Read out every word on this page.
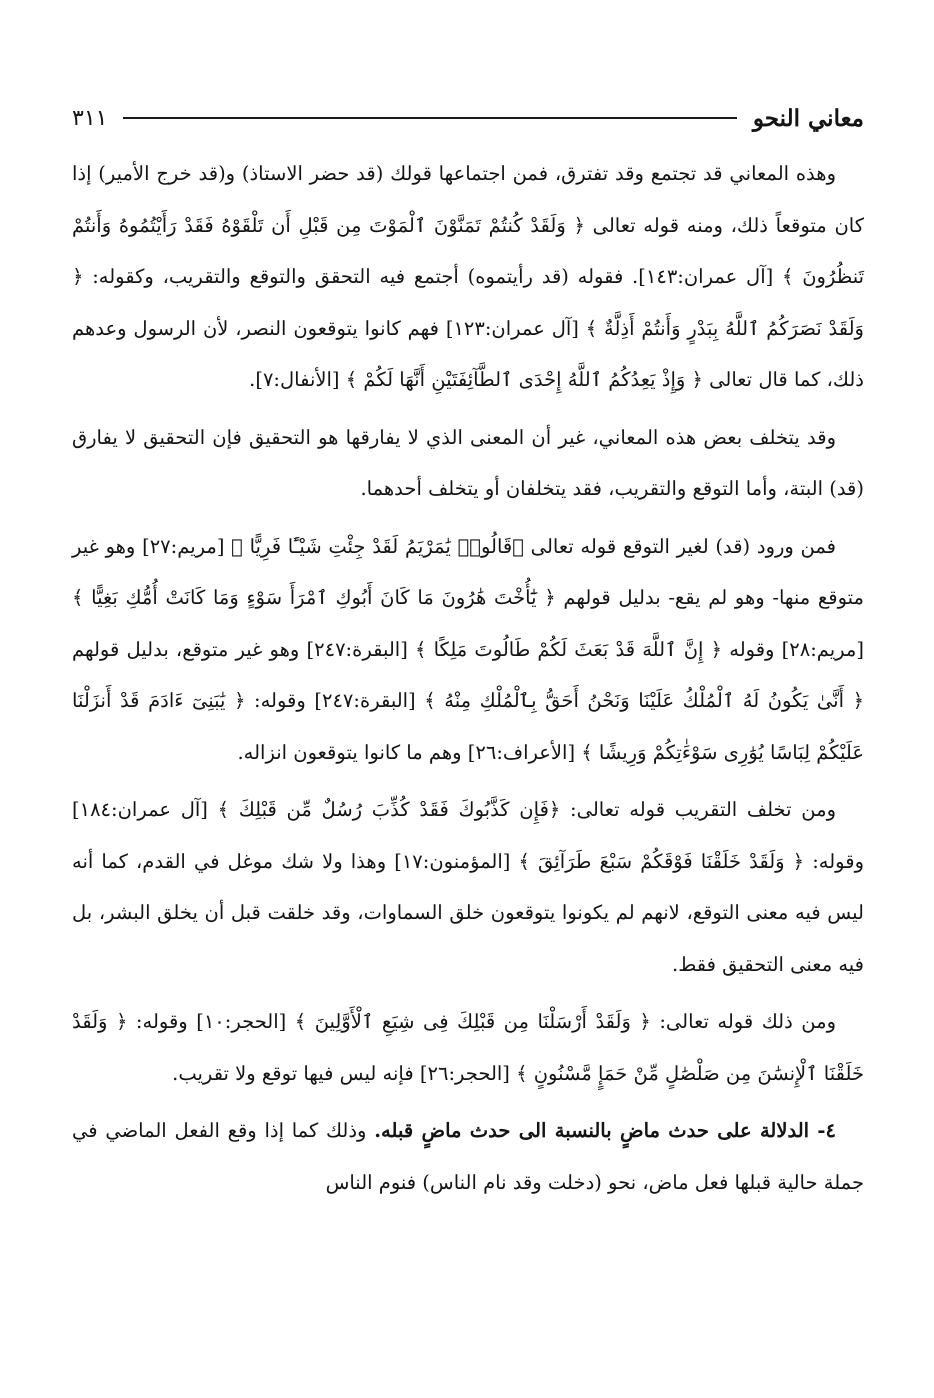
معاني النحو
٣١١

وهذه المعاني قد تجتمع وقد تفترق، فمن اجتماعها قولك (قد حضر الاستاذ) و(قد خرج الأمير) إذا كان متوقعاً ذلك، ومنه قوله تعالى ﴿ وَلَقَدْ كُنتُمْ تَمَنَّوْنَ ٱلْمَوْتَ مِن قَبْلِ أَن تَلْقَوْهُ فَقَدْ رَأَيْتُمُوهُ وَأَنتُمْ تَنظُرُونَ ﴾ [آل عمران:١٤٣]. فقوله (قد رأيتموه) أجتمع فيه التحقق والتوقع والتقريب، وكقوله: ﴿ وَلَقَدْ نَصَرَكُمُ ٱللَّهُ بِبَدْرٍ وَأَنتُمْ أَذِلَّةٌ ﴾ [آل عمران:١٢٣] فهم كانوا يتوقعون النصر، لأن الرسول وعدهم ذلك، كما قال تعالى ﴿ وَإِذْ يَعِدُكُمُ ٱللَّهُ إِحْدَى ٱلطَّآئِفَتَيْنِ أَنَّهَا لَكُمْ ﴾ [الأنفال:٧].

وقد يتخلف بعض هذه المعاني، غير أن المعنى الذي لا يفارقها هو التحقيق فإن التحقيق لا يفارق (قد) البتة، وأما التوقع والتقريب، فقد يتخلفان أو يتخلف أحدهما.

فمن ورود (قد) لغير التوقع قوله تعالى ﴿قَالُوا۟ يَٰمَرْيَمُ لَقَدْ جِئْتِ شَيْـًٔا فَرِيًّا ﴾ [مريم:٢٧] وهو غير متوقع منها- وهو لم يقع- بدليل قولهم ﴿ يَٰٓأُخْتَ هَٰرُونَ مَا كَانَ أَبُوكِ ٱمْرَأَ سَوْءٍ وَمَا كَانَتْ أُمُّكِ بَغِيًّا ﴾ [مريم:٢٨] وقوله ﴿ إِنَّ ٱللَّهَ قَدْ بَعَثَ لَكُمْ طَالُوتَ مَلِكًا ﴾ [البقرة:٢٤٧] وهو غير متوقع، بدليل قولهم ﴿ أَنَّىٰ يَكُونُ لَهُ ٱلْمُلْكُ عَلَيْنَا وَنَحْنُ أَحَقُّ بِٱلْمُلْكِ مِنْهُ ﴾ [البقرة:٢٤٧] وقوله: ﴿ يَٰبَنِىٓ ءَادَمَ قَدْ أَنزَلْنَا عَلَيْكُمْ لِبَاسًا يُوَٰرِى سَوْءَٰتِكُمْ وَرِيشًا ﴾ [الأعراف:٢٦] وهم ما كانوا يتوقعون انزاله.

ومن تخلف التقريب قوله تعالى: ﴿فَإِن كَذَّبُوكَ فَقَدْ كُذِّبَ رُسُلٌ مِّن قَبْلِكَ ﴾ [آل عمران:١٨٤] وقوله: ﴿ وَلَقَدْ خَلَقْنَا فَوْقَكُمْ سَبْعَ طَرَآئِقَ ﴾ [المؤمنون:١٧] وهذا ولا شك موغل في القدم، كما أنه ليس فيه معنى التوقع، لانهم لم يكونوا يتوقعون خلق السماوات، وقد خلقت قبل أن يخلق البشر، بل فيه معنى التحقيق فقط.

ومن ذلك قوله تعالى: ﴿ وَلَقَدْ أَرْسَلْنَا مِن قَبْلِكَ فِى شِيَعِ ٱلْأَوَّلِينَ ﴾ [الحجر:١٠] وقوله: ﴿ وَلَقَدْ خَلَقْنَا ٱلْإِنسَٰنَ مِن صَلْصَٰلٍ مِّنْ حَمَإٍ مَّسْنُونٍ ﴾ [الحجر:٢٦] فإنه ليس فيها توقع ولا تقريب.

٤- الدلالة على حدث ماضٍ بالنسبة الى حدث ماضٍ قبله. وذلك كما إذا وقع الفعل الماضي في جملة حالية قبلها فعل ماض، نحو (دخلت وقد نام الناس) فنوم الناس
